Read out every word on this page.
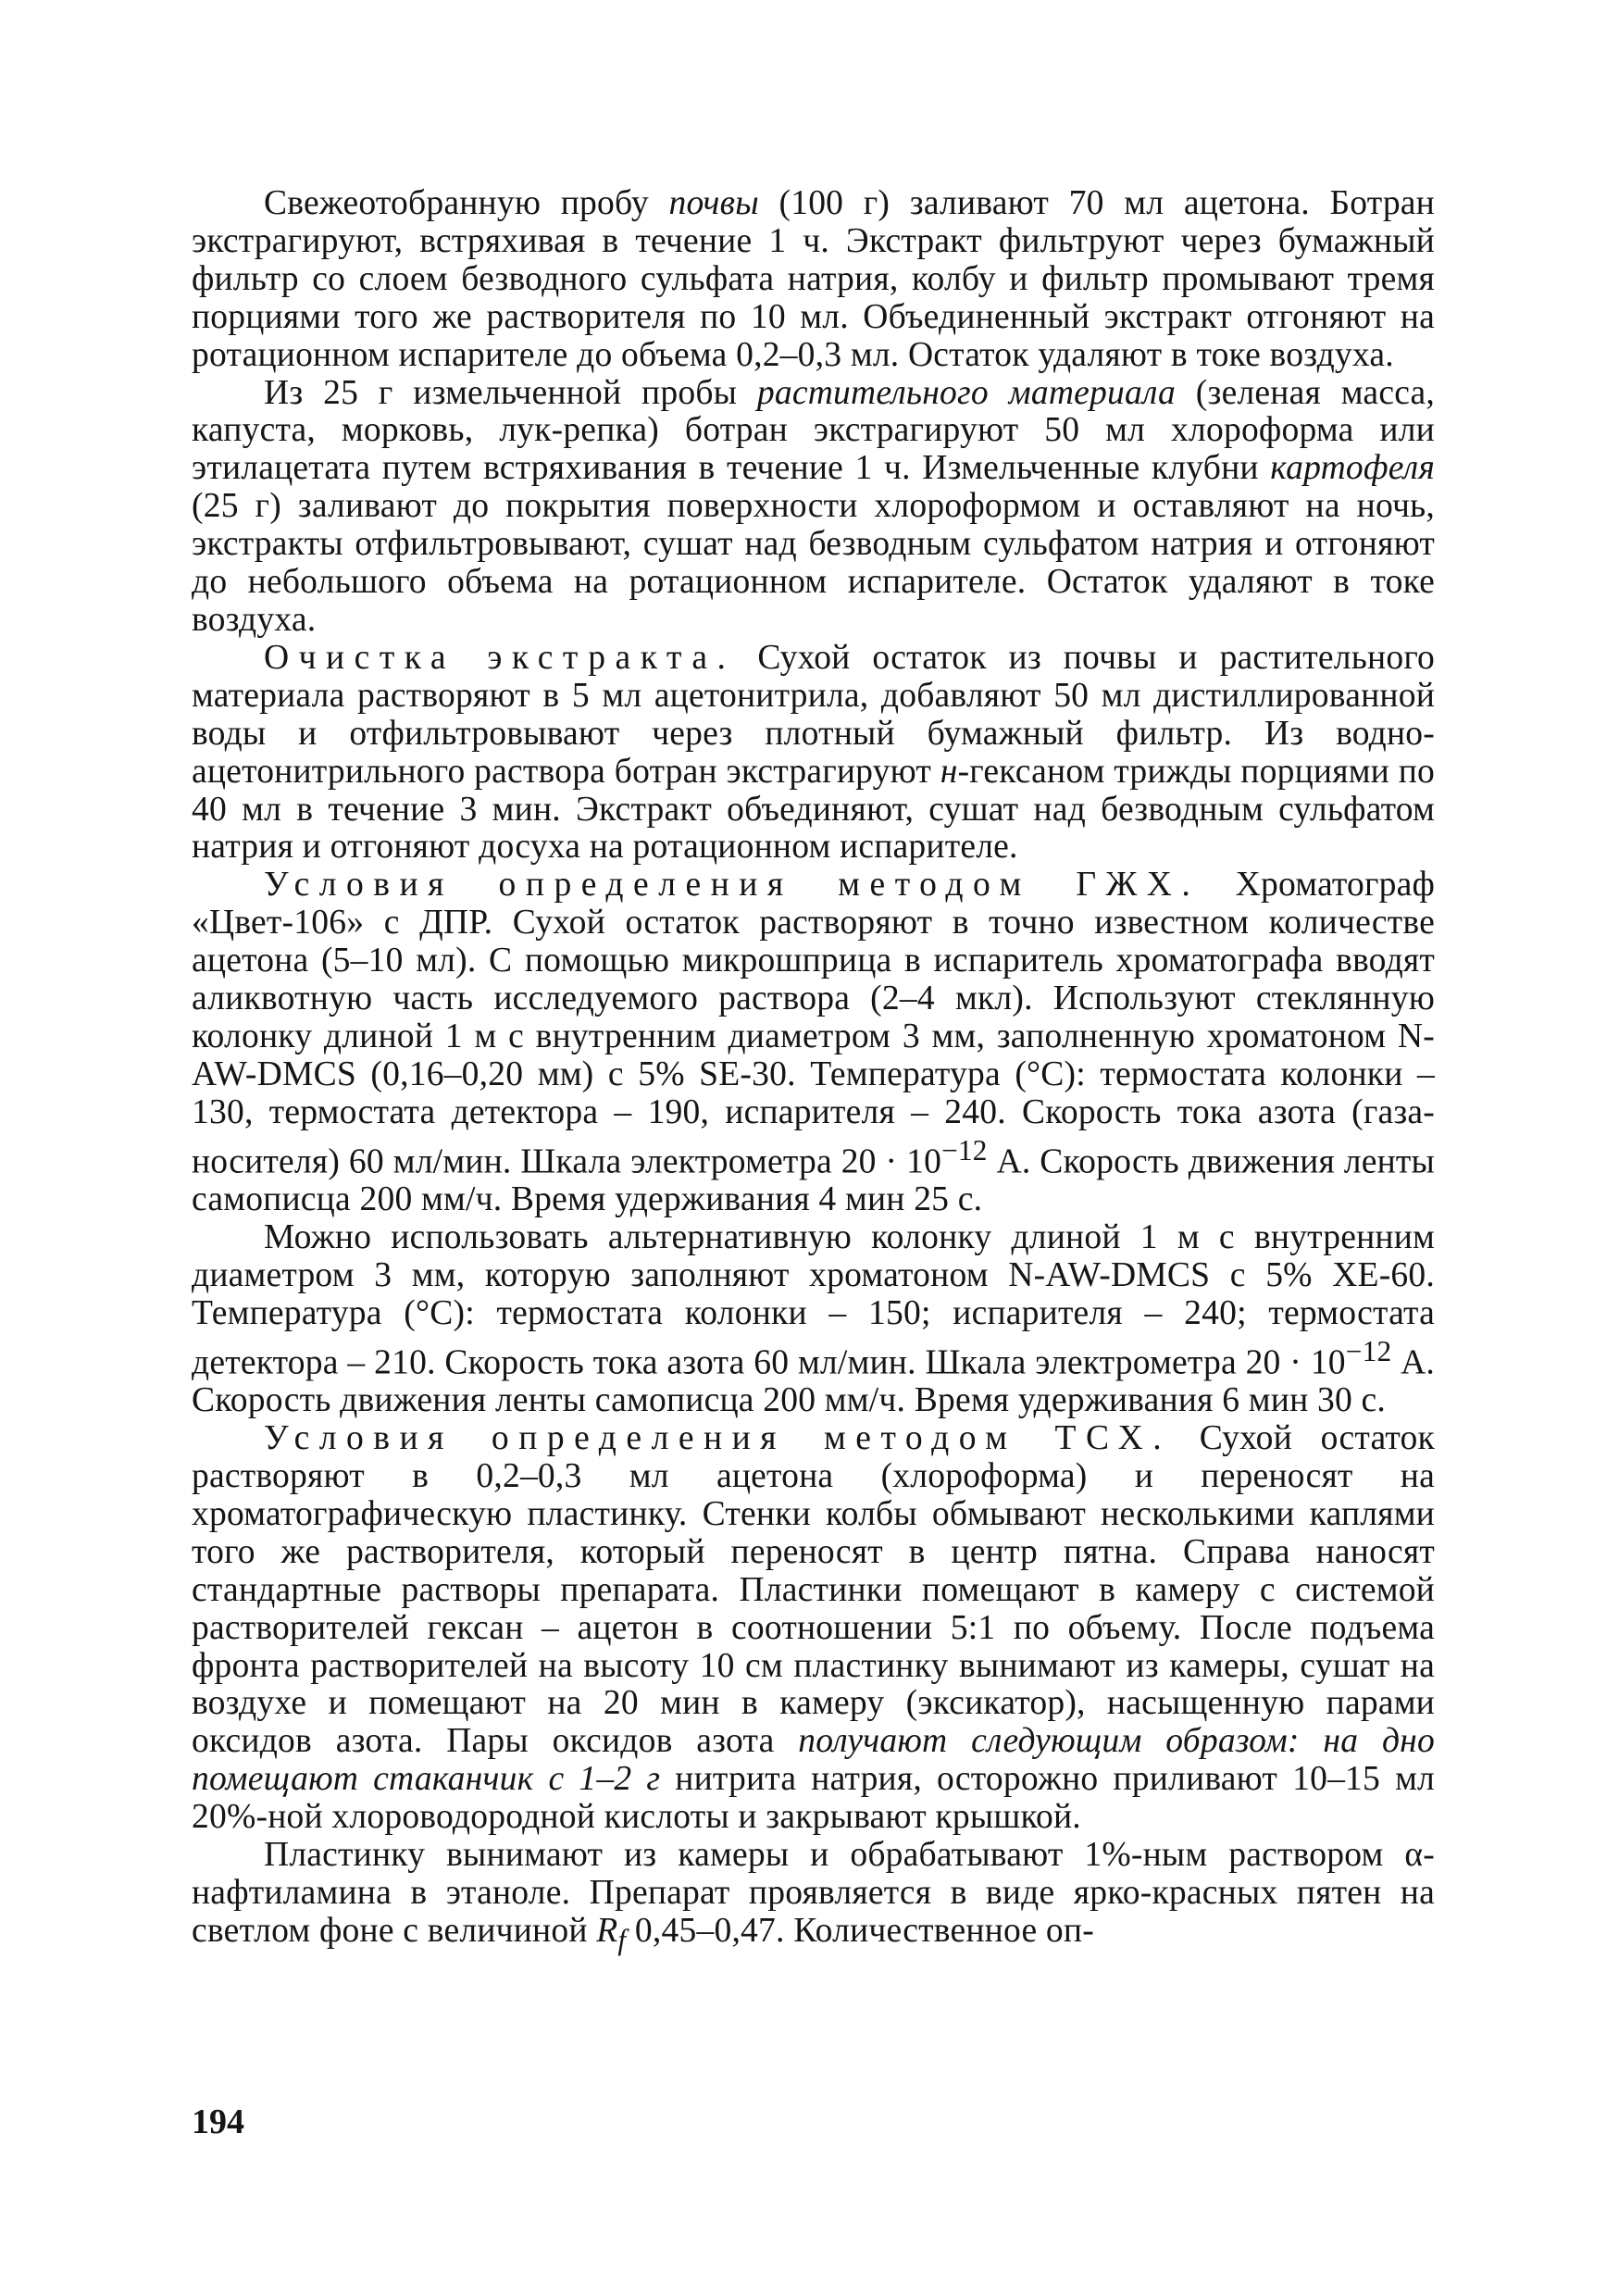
Свежеотобранную пробу почвы (100 г) заливают 70 мл ацетона. Ботран экстрагируют, встряхивая в течение 1 ч. Экстракт фильтруют через бумажный фильтр со слоем безводного сульфата натрия, колбу и фильтр промывают тремя порциями того же растворителя по 10 мл. Объединенный экстракт отгоняют на ротационном испарителе до объема 0,2–0,3 мл. Остаток удаляют в токе воздуха.

Из 25 г измельченной пробы растительного материала (зеленая масса, капуста, морковь, лук-репка) ботран экстрагируют 50 мл хлороформа или этилацетата путем встряхивания в течение 1 ч. Измельченные клубни картофеля (25 г) заливают до покрытия поверхности хлороформом и оставляют на ночь, экстракты отфильтровывают, сушат над безводным сульфатом натрия и отгоняют до небольшого объема на ротационном испарителе. Остаток удаляют в токе воздуха.

Очистка экстракта. Сухой остаток из почвы и растительного материала растворяют в 5 мл ацетонитрила, добавляют 50 мл дистиллированной воды и отфильтровывают через плотный бумажный фильтр. Из водно-ацетонитрильного раствора ботран экстрагируют н-гексаном трижды порциями по 40 мл в течение 3 мин. Экстракт объединяют, сушат над безводным сульфатом натрия и отгоняют досуха на ротационном испарителе.

Условия определения методом ГЖХ. Хроматограф «Цвет-106» с ДПР. Сухой остаток растворяют в точно известном количестве ацетона (5–10 мл). С помощью микрошприца в испаритель хроматографа вводят аликвотную часть исследуемого раствора (2–4 мкл). Используют стеклянную колонку длиной 1 м с внутренним диаметром 3 мм, заполненную хроматоном N-AW-DMCS (0,16–0,20 мм) с 5% SE-30. Температура (°С): термостата колонки – 130, термостата детектора – 190, испарителя – 240. Скорость тока азота (газа-носителя) 60 мл/мин. Шкала электрометра $20 \cdot 10^{-12}$ А. Скорость движения ленты самописца 200 мм/ч. Время удерживания 4 мин 25 с.

Можно использовать альтернативную колонку длиной 1 м с внутренним диаметром 3 мм, которую заполняют хроматоном N-AW-DMCS с 5% ХЕ-60. Температура (°С): термостата колонки – 150; испарителя – 240; термостата детектора – 210. Скорость тока азота 60 мл/мин. Шкала электрометра $20 \cdot 10^{-12}$ А. Скорость движения ленты самописца 200 мм/ч. Время удерживания 6 мин 30 с.

Условия определения методом ТСХ. Сухой остаток растворяют в 0,2–0,3 мл ацетона (хлороформа) и переносят на хроматографическую пластинку. Стенки колбы обмывают несколькими каплями того же растворителя, который переносят в центр пятна. Справа наносят стандартные растворы препарата. Пластинки помещают в камеру с системой растворителей гексан – ацетон в соотношении 5:1 по объему. После подъема фронта растворителей на высоту 10 см пластинку вынимают из камеры, сушат на воздухе и помещают на 20 мин в камеру (эксикатор), насыщенную парами оксидов азота. Пары оксидов азота получают следующим образом: на дно помещают стаканчик с 1–2 г нитрита натрия, осторожно приливают 10–15 мл 20%-ной хлороводородной кислоты и закрывают крышкой.

Пластинку вынимают из камеры и обрабатывают 1%-ным раствором α-нафтиламина в этаноле. Препарат проявляется в виде ярко-красных пятен на светлом фоне с величиной $R_f$ 0,45–0,47. Количественное оп-

194
